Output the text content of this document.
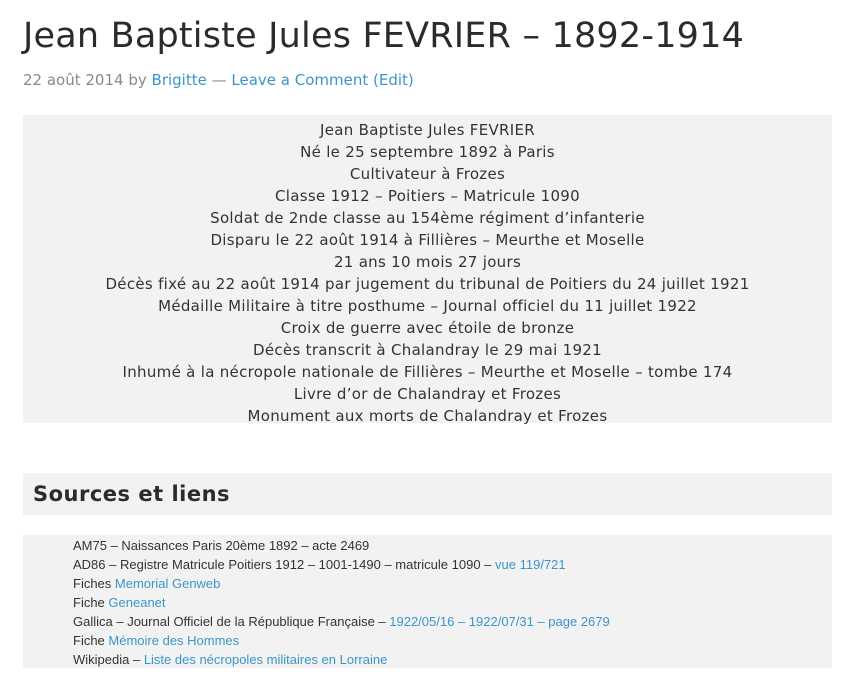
Jean Baptiste Jules FEVRIER – 1892-1914
22 août 2014 by Brigitte — Leave a Comment (Edit)
Jean Baptiste Jules FEVRIER
Né le 25 septembre 1892 à Paris
Cultivateur à Frozes
Classe 1912 – Poitiers – Matricule 1090
Soldat de 2nde classe au 154ème régiment d’infanterie
Disparu le 22 août 1914 à Fillières – Meurthe et Moselle
21 ans 10 mois 27 jours
Décès fixé au 22 août 1914 par jugement du tribunal de Poitiers du 24 juillet 1921
Médaille Militaire à titre posthume – Journal officiel du 11 juillet 1922
Croix de guerre avec étoile de bronze
Décès transcrit à Chalandray le 29 mai 1921
Inhumé à la nécropole nationale de Fillières – Meurthe et Moselle – tombe 174
Livre d’or de Chalandray et Frozes
Monument aux morts de Chalandray et Frozes
Sources et liens
AM75 – Naissances Paris 20ème 1892 – acte 2469
AD86 – Registre Matricule Poitiers 1912 – 1001-1490 – matricule 1090 – vue 119/721
Fiches Memorial Genweb
Fiche Geneanet
Gallica – Journal Officiel de la République Française – 1922/05/16 – 1922/07/31 – page 2679
Fiche Mémoire des Hommes
Wikipedia – Liste des nécropoles militaires en Lorraine
